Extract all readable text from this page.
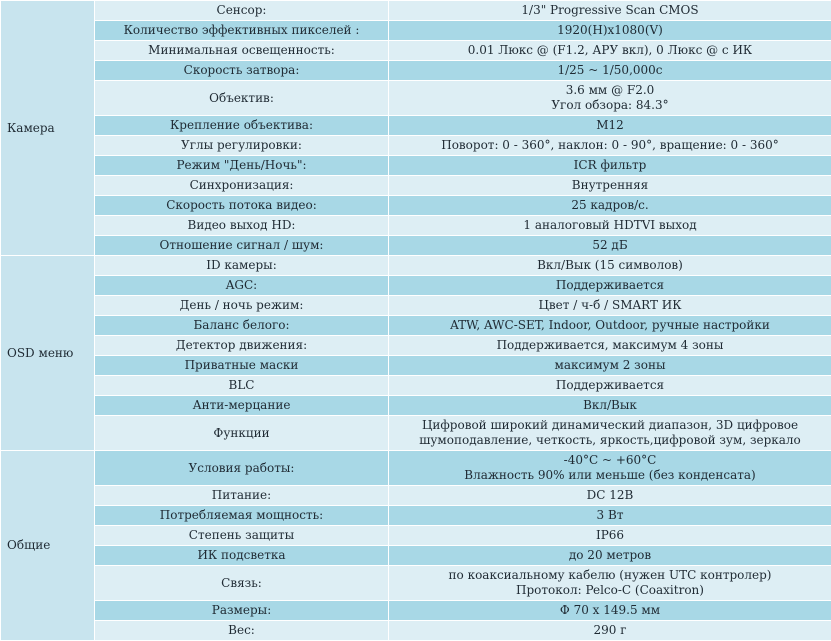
Камера	Сенсор:	1/3" Progressive Scan CMOS

	Количество эффективных пикселей :	1920(H)x1080(V)

	Минимальная освещенность:	0.01 Люкс @ (F1.2, АРУ вкл), 0 Люкс @ с ИК

	Скорость затвора:	1/25 ~ 1/50,000с

	Объектив:	3.6 мм @ F2.0
Угол обзора: 84.3°

	Крепление объектива:	M12

	Углы регулировки:	Поворот: 0 - 360°, наклон: 0 - 90°, вращение: 0 - 360°

	Режим "День/Ночь":	ICR фильтр

	Синхронизация:	Внутренняя

	Скорость потока видео:	25 кадров/с.

	Видео выход HD:	1 аналоговый HDTVI выход

	Отношение сигнал / шум:	52 дБ

OSD меню	ID камеры:	Вкл/Вык (15 символов)

	AGC:	Поддерживается

	День / ночь режим:	Цвет / ч-б / SMART ИК

	Баланс белого:	ATW, AWC-SET, Indoor, Outdoor, ручные настройки

	Детектор движения:	Поддерживается, максимум 4 зоны

	Приватные маски	максимум 2 зоны

	BLC	Поддерживается

	Анти-мерцание	Вкл/Вык

	Функции	Цифровой широкий динамический диапазон, 3D цифровое
шумоподавление, четкость, яркость,цифровой зум, зеркало

Общие	Условия работы:	-40°C ~ +60°C
Влажность 90% или меньше (без конденсата)

	Питание:	DC 12B

	Потребляемая мощность:	3 Вт

	Степень защиты	IP66

	ИК подсветка	до 20 метров

	Связь:	по коаксиальному кабелю (нужен UTC контролер)
Протокол: Pelco-C (Coaxitron)

	Размеры:	Φ 70 x 149.5 мм

	Вес:	290 г
